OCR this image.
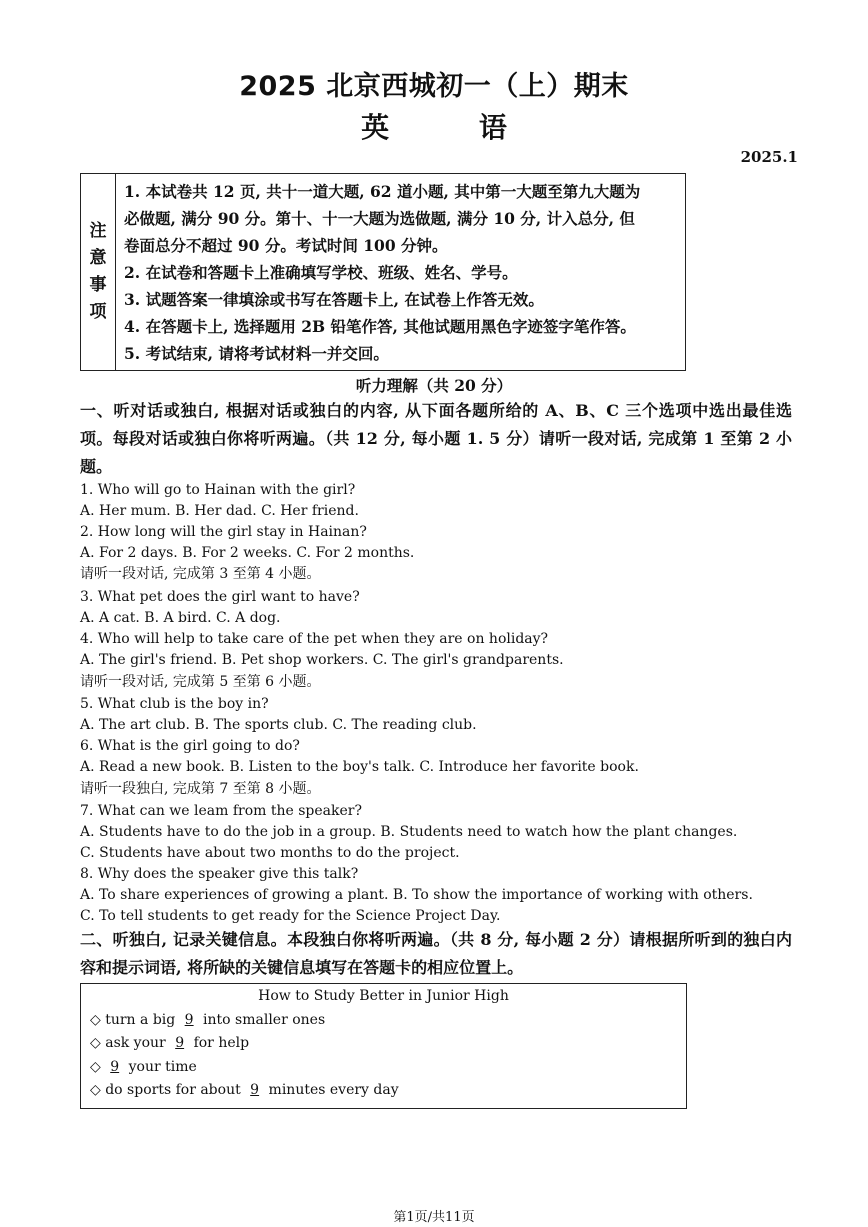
2025 北京西城初一（上）期末
英 语
2025.1
注
意
事
项
1. 本试卷共 12 页, 共十一道大题, 62 道小题, 其中第一大题至第九大题为
必做题, 满分 90 分。第十、十一大题为选做题, 满分 10 分, 计入总分, 但
卷面总分不超过 90 分。考试时间 100 分钟。
2. 在试卷和答题卡上准确填写学校、班级、姓名、学号。
3. 试题答案一律填涂或书写在答题卡上, 在试卷上作答无效。
4. 在答题卡上, 选择题用 2B 铅笔作答, 其他试题用黑色字迹签字笔作答。
5. 考试结束, 请将考试材料一并交回。
听力理解（共 20 分）
一、听对话或独白, 根据对话或独白的内容, 从下面各题所给的 A、B、C 三个选项中选出最佳选项。每段对话或独白你将听两遍。（共 12 分, 每小题 1. 5 分）请听一段对话, 完成第 1 至第 2 小题。
1. Who will go to Hainan with the girl?
A. Her mum. B. Her dad. C. Her friend.
2. How long will the girl stay in Hainan?
A. For 2 days. B. For 2 weeks. C. For 2 months.
请听一段对话, 完成第 3 至第 4 小题。
3. What pet does the girl want to have?
A. A cat. B. A bird. C. A dog.
4. Who will help to take care of the pet when they are on holiday?
A. The girl's friend. B. Pet shop workers. C. The girl's grandparents.
请听一段对话, 完成第 5 至第 6 小题。
5. What club is the boy in?
A. The art club. B. The sports club. C. The reading club.
6. What is the girl going to do?
A. Read a new book. B. Listen to the boy's talk. C. Introduce her favorite book.
请听一段独白, 完成第 7 至第 8 小题。
7. What can we leam from the speaker?
A. Students have to do the job in a group. B. Students need to watch how the plant changes.
C. Students have about two months to do the project.
8. Why does the speaker give this talk?
A. To share experiences of growing a plant. B. To show the importance of working with others.
C. To tell students to get ready for the Science Project Day.
二、听独白, 记录关键信息。本段独白你将听两遍。（共 8 分, 每小题 2 分）请根据所听到的独白内容和提示词语, 将所缺的关键信息填写在答题卡的相应位置上。
How to Study Better in Junior High
◇ turn a big 9 into smaller ones
◇ ask your 9 for help
◇ 9 your time
◇ do sports for about 9 minutes every day
第1页/共11页
